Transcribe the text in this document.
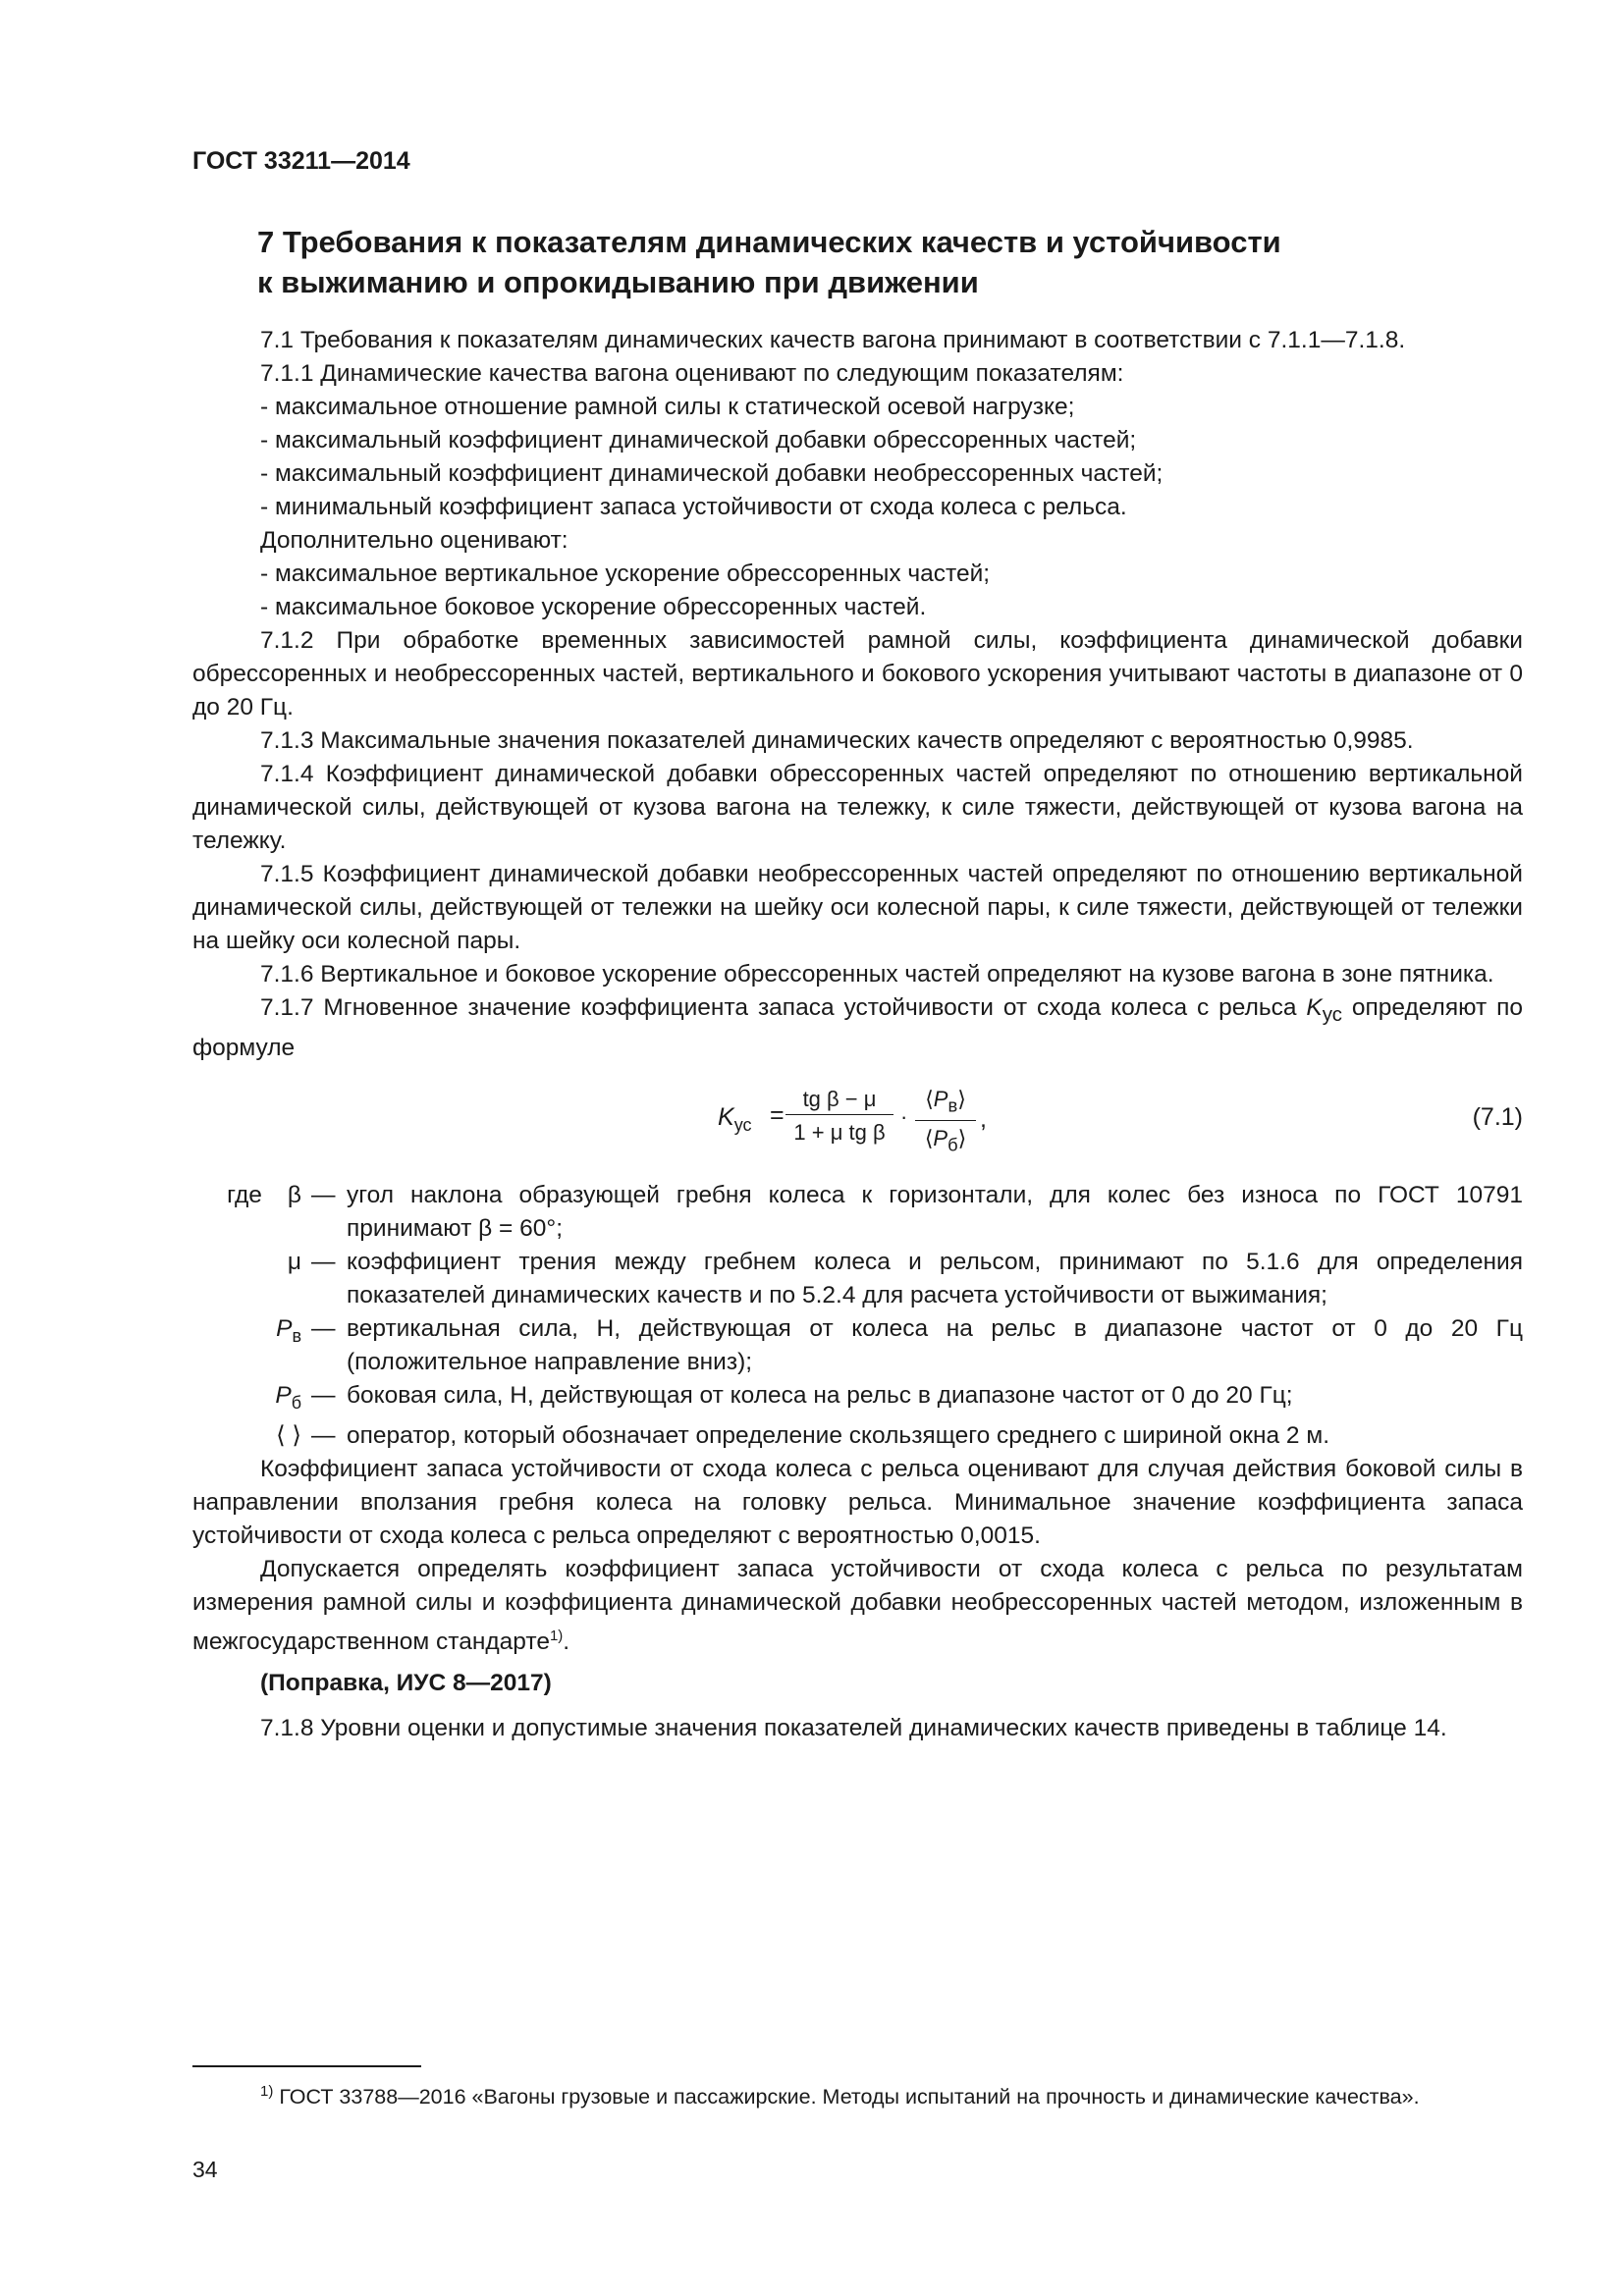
ГОСТ 33211—2014
7 Требования к показателям динамических качеств и устойчивости
к выжиманию и опрокидыванию при движении

7.1 Требования к показателям динамических качеств вагона принимают в соответствии с 7.1.1—7.1.8.

7.1.1 Динамические качества вагона оценивают по следующим показателям:

- максимальное отношение рамной силы к статической осевой нагрузке;

- максимальный коэффициент динамической добавки обрессоренных частей;

- максимальный коэффициент динамической добавки необрессоренных частей;

- минимальный коэффициент запаса устойчивости от схода колеса с рельса.

Дополнительно оценивают:

- максимальное вертикальное ускорение обрессоренных частей;

- максимальное боковое ускорение обрессоренных частей.

7.1.2 При обработке временных зависимостей рамной силы, коэффициента динамической добавки обрессоренных и необрессоренных частей, вертикального и бокового ускорения учитывают частоты в диапазоне от 0 до 20 Гц.

7.1.3 Максимальные значения показателей динамических качеств определяют с вероятностью 0,9985.

7.1.4 Коэффициент динамической добавки обрессоренных частей определяют по отношению вертикальной динамической силы, действующей от кузова вагона на тележку, к силе тяжести, действующей от кузова вагона на тележку.

7.1.5 Коэффициент динамической добавки необрессоренных частей определяют по отношению вертикальной динамической силы, действующей от тележки на шейку оси колесной пары, к силе тяжести, действующей от тележки на шейку оси колесной пары.

7.1.6 Вертикальное и боковое ускорение обрессоренных частей определяют на кузове вагона в зоне пятника.

7.1.7 Мгновенное значение коэффициента запаса устойчивости от схода колеса с рельса $K_{ус}$ определяют по формуле

$K_{ус} = \frac{\text{tg β − μ}}{\text{1 + μ tg β}}$ ·
$⟨P_в⟩$
$⟨P_б⟩$
,	(7.1)
где β — угол наклона образующей гребня колеса к горизонтали, для колес без износа по ГОСТ 10791 принимают β = 60°;
μ — коэффициент трения между гребнем колеса и рельсом, принимают по 5.1.6 для определения показателей динамических качеств и по 5.2.4 для расчета устойчивости от выжимания;
$P_в$ — вертикальная сила, Н, действующая от колеса на рельс в диапазоне частот от 0 до 20 Гц (положительное направление вниз);
$P_б$ — боковая сила, Н, действующая от колеса на рельс в диапазоне частот от 0 до 20 Гц;
⟨ ⟩ — оператор, который обозначает определение скользящего среднего с шириной окна 2 м.

Коэффициент запаса устойчивости от схода колеса с рельса оценивают для случая действия боковой силы в направлении вползания гребня колеса на головку рельса. Минимальное значение коэффициента запаса устойчивости от схода колеса с рельса определяют с вероятностью 0,0015.

Допускается определять коэффициент запаса устойчивости от схода колеса с рельса по результатам измерения рамной силы и коэффициента динамической добавки необрессоренных частей методом, изложенным в межгосударственном стандарте$^{1)}$.

(Поправка, ИУС 8—2017)

7.1.8 Уровни оценки и допустимые значения показателей динамических качеств приведены в таблице 14.

$^{1)}$ ГОСТ 33788—2016 «Вагоны грузовые и пассажирские. Методы испытаний на прочность и динамические качества».
34
